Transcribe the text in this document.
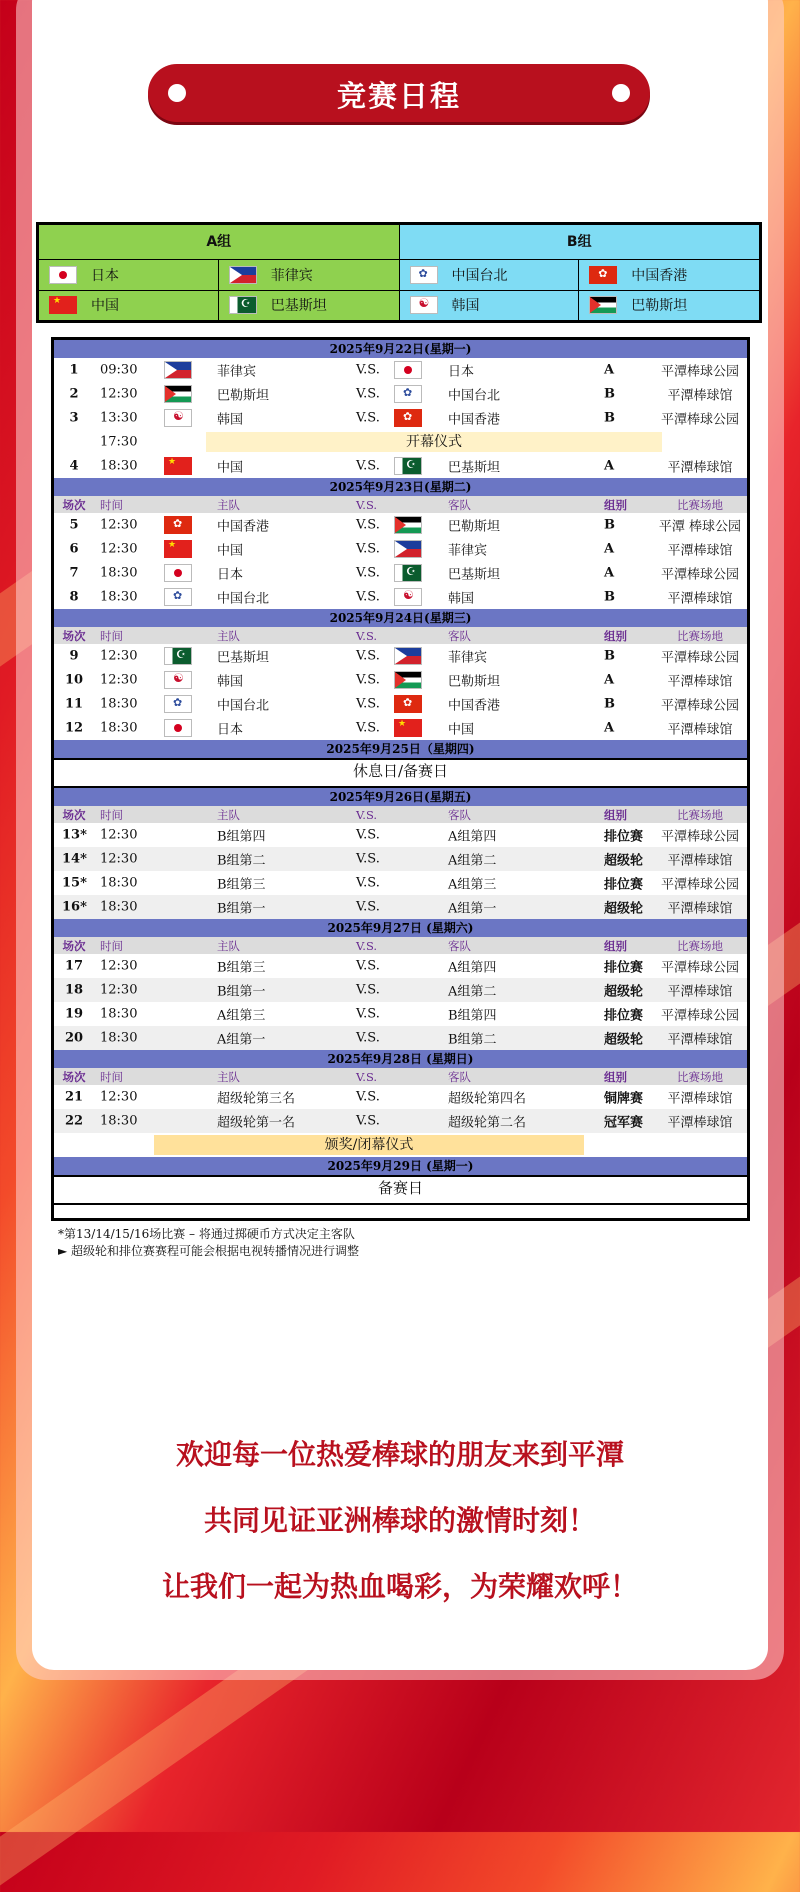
竞赛日程
A组
日本	菲律宾
★
中国 ☪	巴基斯坦
B组
✿
中国台北 ✿	中国香港
☯
韩国	巴勒斯坦
2025年9月22日(星期一)
1	09:30	菲律宾	V.S.	日本	A	平潭棒球公园
2	12:30	巴勒斯坦	V.S. ✿	中国台北	B	平潭棒球馆
3	13:30 ☯	韩国	V.S. ✿	中国香港	B	平潭棒球公园
17:30	开幕仪式
4	18:30 ★	中国	V.S. ☪	巴基斯坦	A	平潭棒球馆
2025年9月23日(星期二)
场次 时间	主队	V.S.	客队	组别	比赛场地
5	12:30 ✿	中国香港	V.S.	巴勒斯坦	B	平潭 棒球公园
6	12:30 ★	中国	V.S.	菲律宾	A	平潭棒球馆
7	18:30	日本	V.S. ☪	巴基斯坦	A	平潭棒球公园
8	18:30 ✿	中国台北	V.S. ☯	韩国	B	平潭棒球馆
2025年9月24日(星期三)
场次 时间	主队	V.S.	客队	组别	比赛场地
9	12:30 ☪	巴基斯坦	V.S.	菲律宾	B	平潭棒球公园
10 12:30 ☯	韩国	V.S.	巴勒斯坦	A	平潭棒球馆
11 18:30 ✿	中国台北	V.S. ✿	中国香港	B	平潭棒球公园
12 18:30	日本	V.S. ★	中国	A	平潭棒球馆
2025年9月25日（星期四)
休息日/备赛日
2025年9月26日(星期五)
场次 时间	主队	V.S.	客队	组别	比赛场地
13* 12:30	B组第四	V.S.	A组第四	排位赛	平潭棒球公园
14* 12:30	B组第二	V.S.	A组第二	超级轮	平潭棒球馆
15* 18:30	B组第三	V.S.	A组第三	排位赛	平潭棒球公园
16* 18:30	B组第一	V.S.	A组第一	超级轮	平潭棒球馆
2025年9月27日 (星期六)
场次 时间	主队	V.S.	客队	组别	比赛场地
17 12:30	B组第三	V.S.	A组第四	排位赛	平潭棒球公园
18 12:30	B组第一	V.S.	A组第二	超级轮	平潭棒球馆
19 18:30	A组第三	V.S.	B组第四	排位赛	平潭棒球公园
20 18:30	A组第一	V.S.	B组第二	超级轮	平潭棒球馆
2025年9月28日 (星期日)
场次 时间	主队	V.S.	客队	组别	比赛场地
21 12:30	超级轮第三名	V.S.	超级轮第四名	铜牌赛	平潭棒球馆
22 18:30	超级轮第一名	V.S.	超级轮第二名	冠军赛	平潭棒球馆
颁奖/闭幕仪式
2025年9月29日 (星期一)
备赛日
*第13/14/15/16场比赛 – 将通过掷硬币方式决定主客队
► 超级轮和排位赛赛程可能会根据电视转播情况进行调整
欢迎每一位热爱棒球的朋友来到平潭
共同见证亚洲棒球的激情时刻！
让我们一起为热血喝彩，为荣耀欢呼！
